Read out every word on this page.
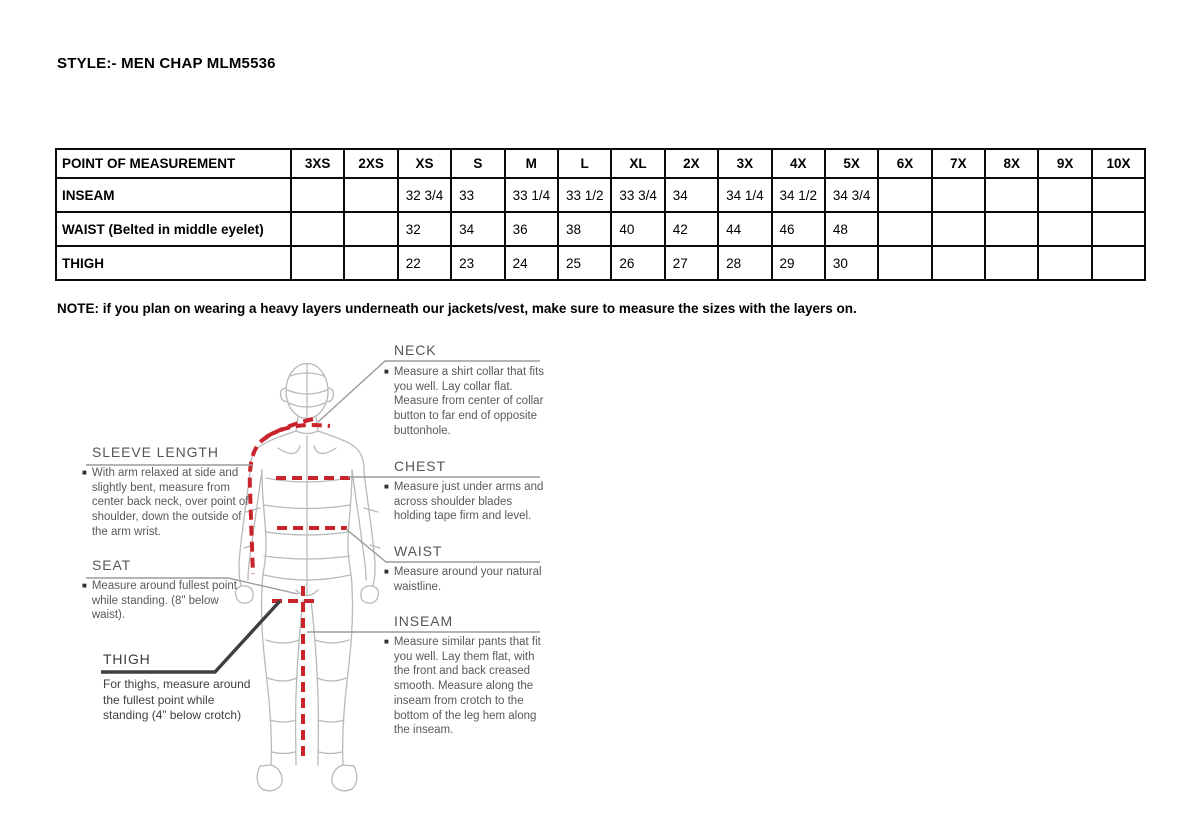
STYLE:- MEN CHAP MLM5536
POINT OF MEASUREMENT	3XS	2XS	XS	S	M	L	XL	2X	3X	4X	5X	6X	7X	8X	9X	10X
INSEAM			32 3/4	33	33 1/4	33 1/2	33 3/4	34	34 1/4	34 1/2	34 3/4					
WAIST (Belted in middle eyelet)			32	34	36	38	40	42	44	46	48					
THIGH			22	23	24	25	26	27	28	29	30					
NOTE: if you plan on wearing a heavy layers underneath our jackets/vest, make sure to measure the sizes with the layers on.
NECK
■ Measure a shirt collar that fits you well. Lay collar flat. Measure from center of collar button to far end of opposite buttonhole.
SLEEVE LENGTH
■ With arm relaxed at side and slightly bent, measure from center back neck, over point of shoulder, down the outside of the arm wrist.
CHEST
■ Measure just under arms and across shoulder blades holding tape firm and level.
WAIST
■ Measure around your natural waistline.
SEAT
■ Measure around fullest point while standing. (8" below waist).	INSEAM
■ Measure similar pants that fit you well. Lay them flat, with the front and back creased smooth. Measure along the inseam from crotch to the bottom of the leg hem along the inseam.
THIGH
For thighs, measure around the fullest point while standing (4” below crotch)
